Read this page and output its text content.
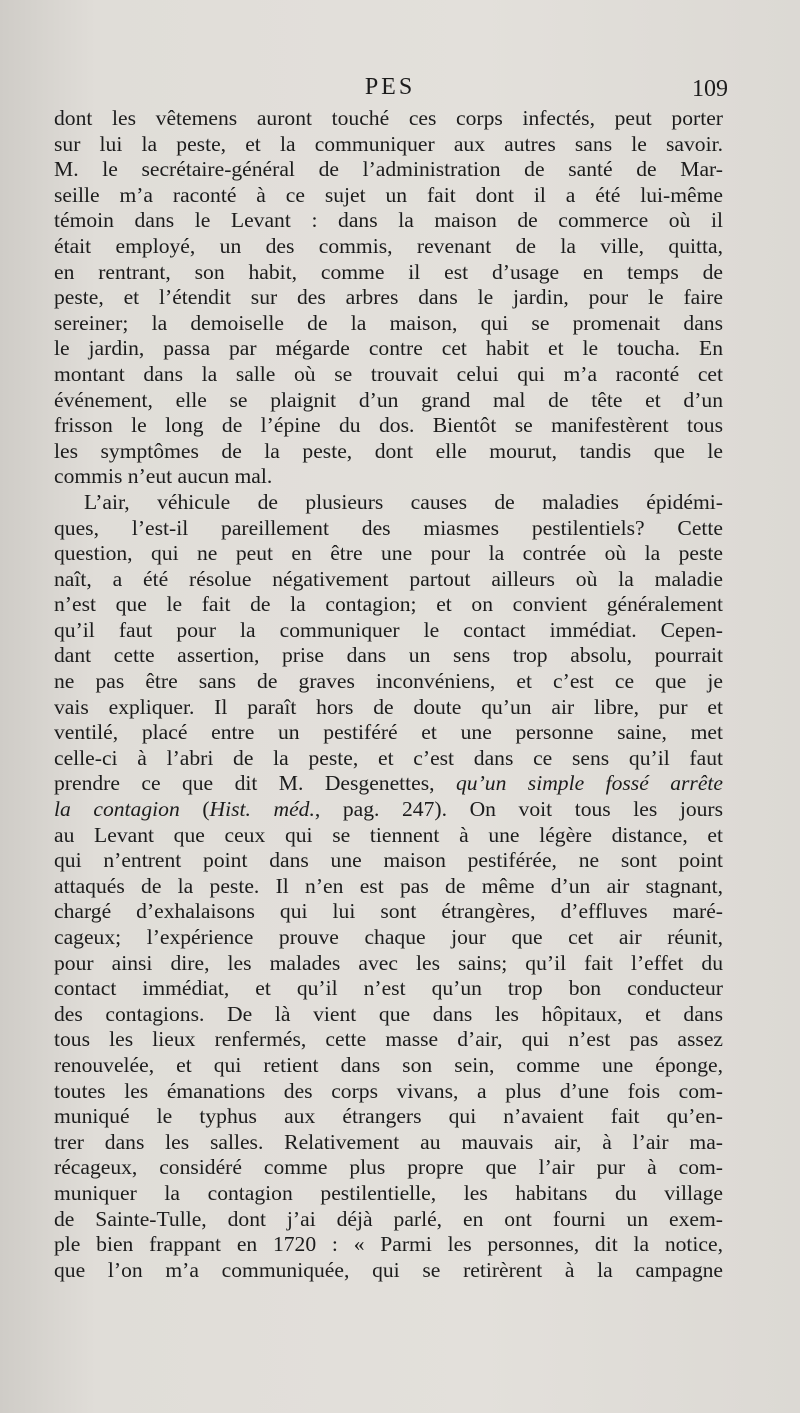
PES	109
dont les vêtemens auront touché ces corps infectés, peut porter
sur lui la peste, et la communiquer aux autres sans le savoir.
M. le secrétaire-général de l’administration de santé de Mar-
seille m’a raconté à ce sujet un fait dont il a été lui-même
témoin dans le Levant : dans la maison de commerce où il
était employé, un des commis, revenant de la ville, quitta,
en rentrant, son habit, comme il est d’usage en temps de
peste, et l’étendit sur des arbres dans le jardin, pour le faire
sereiner; la demoiselle de la maison, qui se promenait dans
le jardin, passa par mégarde contre cet habit et le toucha. En
montant dans la salle où se trouvait celui qui m’a raconté cet
événement, elle se plaignit d’un grand mal de tête et d’un
frisson le long de l’épine du dos. Bientôt se manifestèrent tous
les symptômes de la peste, dont elle mourut, tandis que le
commis n’eut aucun mal.
L’air, véhicule de plusieurs causes de maladies épidémi-
ques, l’est-il pareillement des miasmes pestilentiels? Cette
question, qui ne peut en être une pour la contrée où la peste
naît, a été résolue négativement partout ailleurs où la maladie
n’est que le fait de la contagion; et on convient généralement
qu’il faut pour la communiquer le contact immédiat. Cepen-
dant cette assertion, prise dans un sens trop absolu, pourrait
ne pas être sans de graves inconvéniens, et c’est ce que je
vais expliquer. Il paraît hors de doute qu’un air libre, pur et
ventilé, placé entre un pestiféré et une personne saine, met
celle-ci à l’abri de la peste, et c’est dans ce sens qu’il faut
prendre ce que dit M. Desgenettes, qu’un simple fossé arrête
la contagion (Hist. méd., pag. 247). On voit tous les jours
au Levant que ceux qui se tiennent à une légère distance, et
qui n’entrent point dans une maison pestiférée, ne sont point
attaqués de la peste. Il n’en est pas de même d’un air stagnant,
chargé d’exhalaisons qui lui sont étrangères, d’effluves maré-
cageux; l’expérience prouve chaque jour que cet air réunit,
pour ainsi dire, les malades avec les sains; qu’il fait l’effet du
contact immédiat, et qu’il n’est qu’un trop bon conducteur
des contagions. De là vient que dans les hôpitaux, et dans
tous les lieux renfermés, cette masse d’air, qui n’est pas assez
renouvelée, et qui retient dans son sein, comme une éponge,
toutes les émanations des corps vivans, a plus d’une fois com-
muniqué le typhus aux étrangers qui n’avaient fait qu’en-
trer dans les salles. Relativement au mauvais air, à l’air ma-
récageux, considéré comme plus propre que l’air pur à com-
muniquer la contagion pestilentielle, les habitans du village
de Sainte-Tulle, dont j’ai déjà parlé, en ont fourni un exem-
ple bien frappant en 1720 : « Parmi les personnes, dit la notice,
que l’on m’a communiquée, qui se retirèrent à la campagne
